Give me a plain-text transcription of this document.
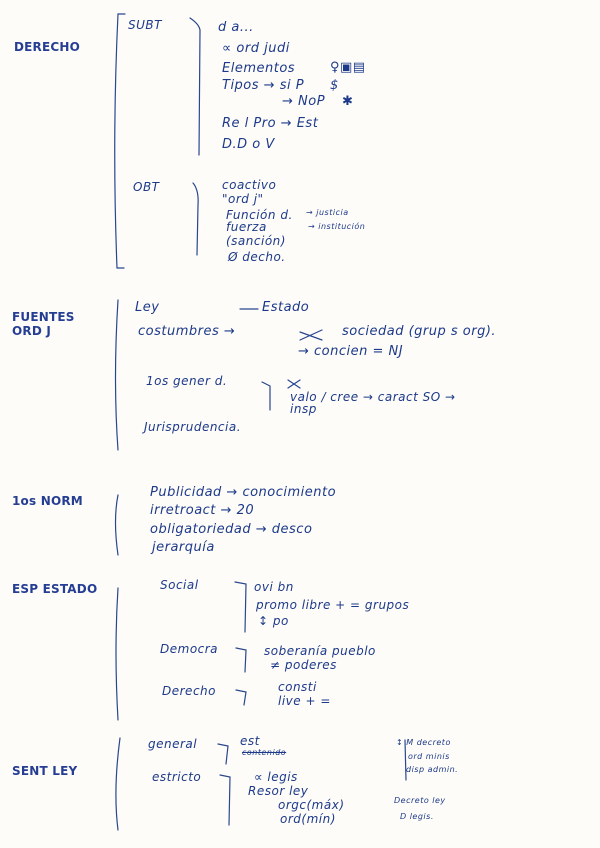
DERECHO
SUBT	d a...
∝ ord judi
Elementos	♀▣▤
Tipos → si P $
→ NoP ✱
Re l Pro → Est
D.D o V
OBT	coactivo
"ord j"
Función d.
fuerza
(sanción)
→ justicia
→ institución
Ø decho.
FUENTES
ORD J
Ley	Estado
costumbres →	sociedad (grup s org).
→ concien = NJ
1os gener d.
valo / cree → caract SO →
insp
Jurisprudencia.
1os NORM
Publicidad → conocimiento
irretroact → 20
obligatoriedad → desco
jerarquía
ESP ESTADO	Social	ovi bn
promo libre + = grupos
↕ po
Democra	soberanía pueblo
≠ poderes
Derecho	consti
live + =
SENT LEY
general	est
contenido
estricto	∝ legis
Resor ley
orgc(máx)
ord(mín)
↕ M decreto
ord minis
disp admin.
Decreto ley
D legis.
